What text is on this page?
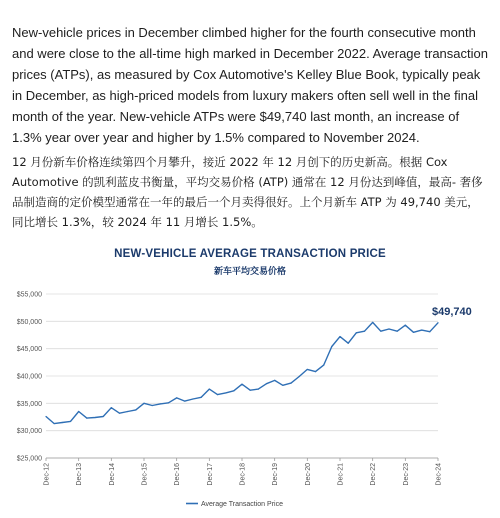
New-vehicle prices in December climbed higher for the fourth consecutive month and were close to the all-time high marked in December 2022. Average transaction prices (ATPs), as measured by Cox Automotive's Kelley Blue Book, typically peak in December, as high-priced models from luxury makers often sell well in the final month of the year. New-vehicle ATPs were $49,740 last month, an increase of 1.3% year over year and higher by 1.5% compared to November 2024.

12 月份新车价格连续第四个月攀升，接近 2022 年 12 月创下的历史新高。根据 Cox Automotive 的凯利蓝皮书衡量，平均交易价格 (ATP) 通常在 12 月份达到峰值，最高- 奢侈品制造商的定价模型通常在一年的最后一个月卖得很好。上个月新车 ATP 为 49,740 美元，同比增长 1.3%，较 2024 年 11 月增长 1.5%。

NEW-VEHICLE AVERAGE TRANSACTION PRICE
新车平均交易价格
$25,000
$30,000
$35,000
$40,000
$45,000
$50,000
$55,000
Dec-12	Dec-13	Dec-14	Dec-15	Dec-16	Dec-17	Dec-18	Dec-19	Dec-20	Dec-21	Dec-22	Dec-23	Dec-24
$49,740
Average Transaction Price
